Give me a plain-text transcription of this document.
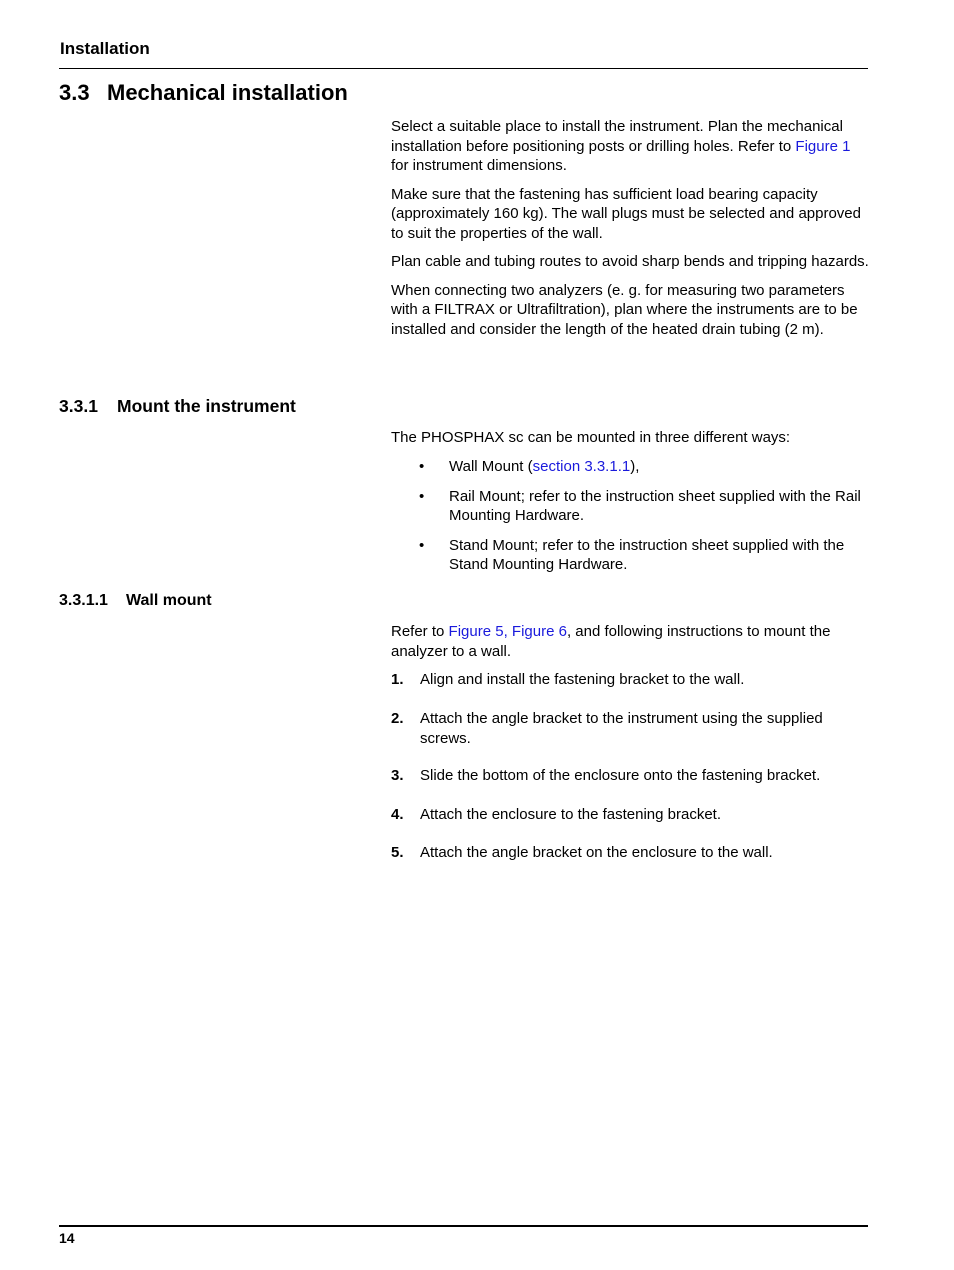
Installation
3.3 Mechanical installation

Select a suitable place to install the instrument. Plan the mechanical installation before positioning posts or drilling holes. Refer to Figure 1 for instrument dimensions.

Make sure that the fastening has sufficient load bearing capacity (approximately 160 kg). The wall plugs must be selected and approved to suit the properties of the wall.

Plan cable and tubing routes to avoid sharp bends and tripping hazards.

When connecting two analyzers (e. g. for measuring two parameters with a FILTRAX or Ultrafiltration), plan where the instruments are to be installed and consider the length of the heated drain tubing (2 m).

3.3.1 Mount the instrument

The PHOSPHAX sc can be mounted in three different ways:

• Wall Mount (section 3.3.1.1),
• Rail Mount; refer to the instruction sheet supplied with the Rail Mounting Hardware.
• Stand Mount; refer to the instruction sheet supplied with the Stand Mounting Hardware.
3.3.1.1 Wall mount

Refer to Figure 5, Figure 6, and following instructions to mount the analyzer to a wall.

1. Align and install the fastening bracket to the wall.
2. Attach the angle bracket to the instrument using the supplied screws.
3. Slide the bottom of the enclosure onto the fastening bracket.
4. Attach the enclosure to the fastening bracket.
5. Attach the angle bracket on the enclosure to the wall.

14
